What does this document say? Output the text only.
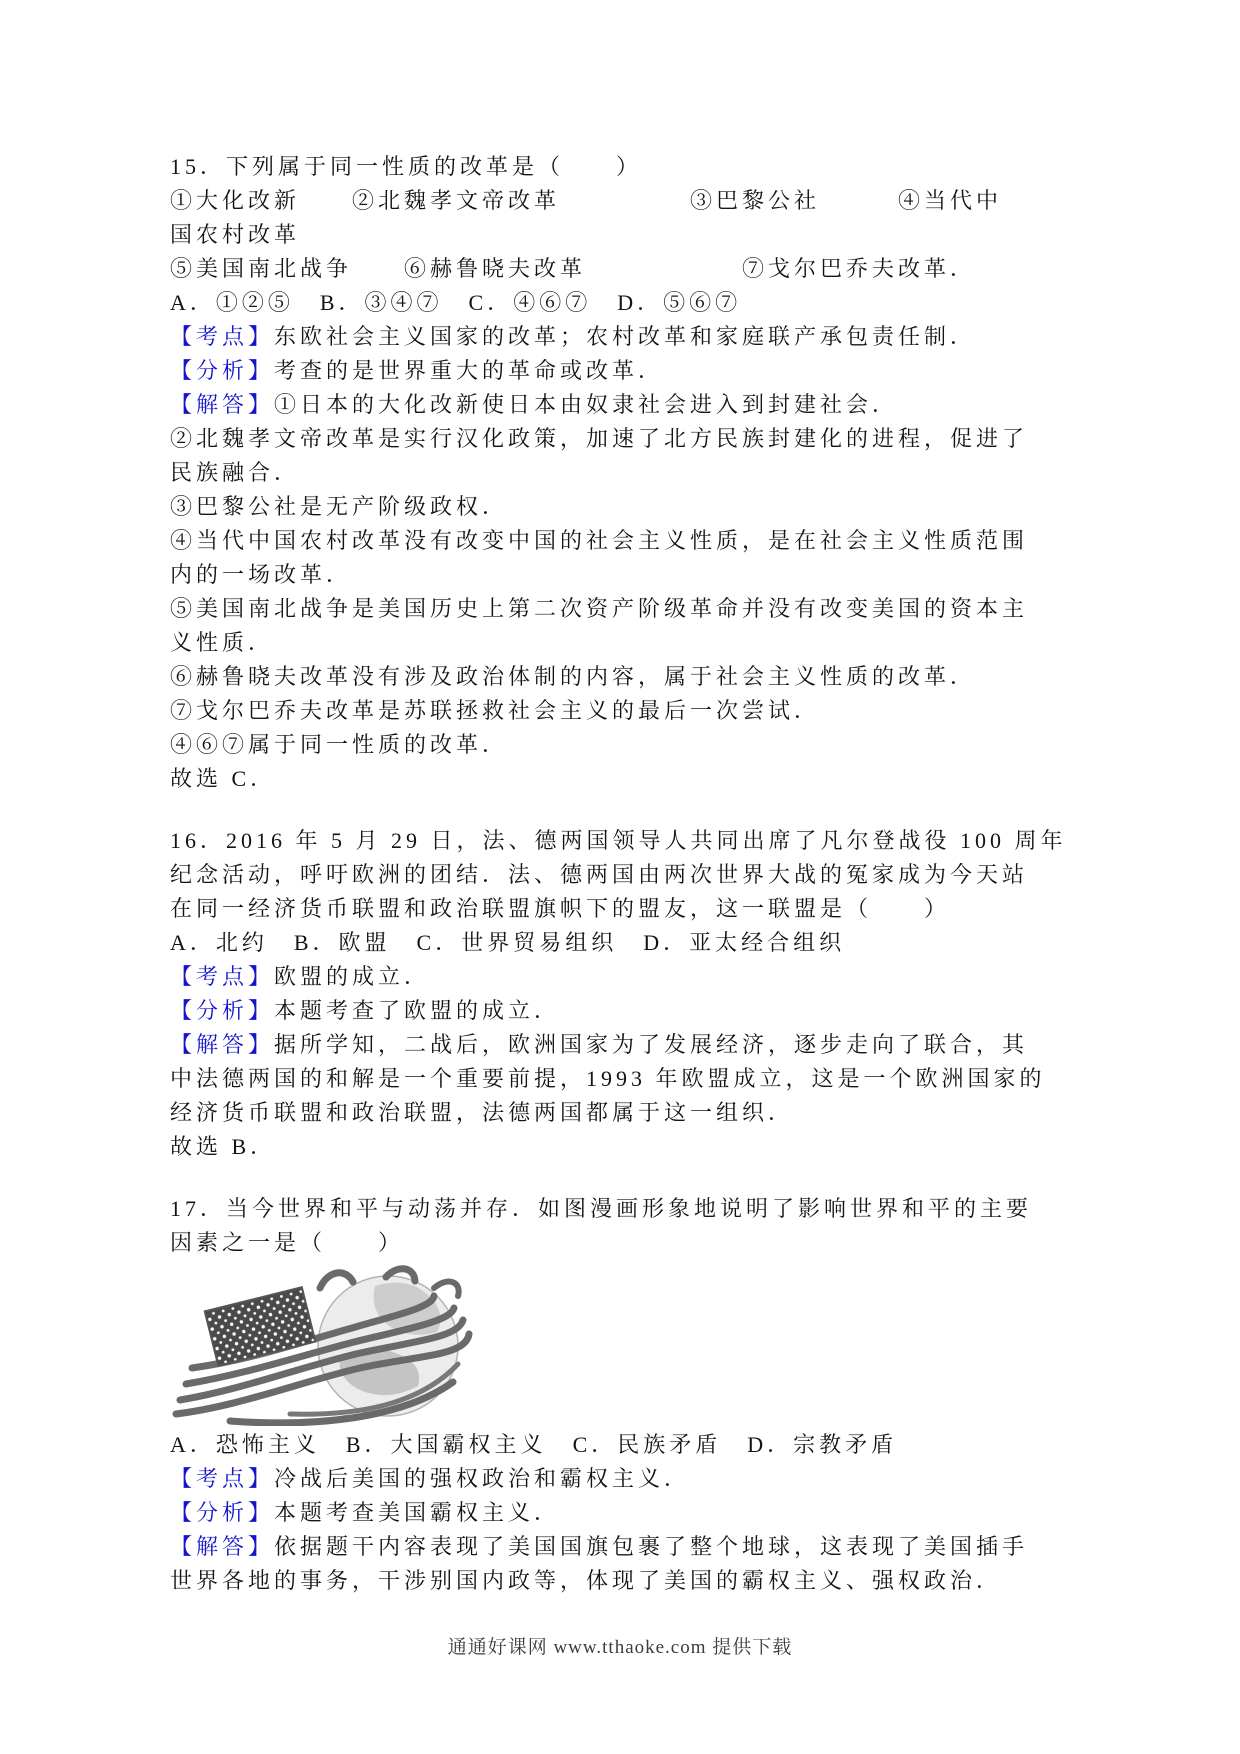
15．下列属于同一性质的改革是（　　）
①大化改新　　②北魏孝文帝改革　　　　　③巴黎公社　　　④当代中
国农村改革
⑤美国南北战争　　⑥赫鲁晓夫改革　　　　　　⑦戈尔巴乔夫改革．
A．①②⑤　B．③④⑦　C．④⑥⑦　D．⑤⑥⑦
【考点】东欧社会主义国家的改革；农村改革和家庭联产承包责任制．
【分析】考查的是世界重大的革命或改革．
【解答】①日本的大化改新使日本由奴隶社会进入到封建社会．
②北魏孝文帝改革是实行汉化政策，加速了北方民族封建化的进程，促进了
民族融合．
③巴黎公社是无产阶级政权．
④当代中国农村改革没有改变中国的社会主义性质，是在社会主义性质范围
内的一场改革．
⑤美国南北战争是美国历史上第二次资产阶级革命并没有改变美国的资本主
义性质．
⑥赫鲁晓夫改革没有涉及政治体制的内容，属于社会主义性质的改革．
⑦戈尔巴乔夫改革是苏联拯救社会主义的最后一次尝试．
④⑥⑦属于同一性质的改革．
故选 C．
16．2016 年 5 月 29 日，法、德两国领导人共同出席了凡尔登战役 100 周年
纪念活动，呼吁欧洲的团结．法、德两国由两次世界大战的冤家成为今天站
在同一经济货币联盟和政治联盟旗帜下的盟友，这一联盟是（　　）
A．北约　B．欧盟　C．世界贸易组织　D．亚太经合组织
【考点】欧盟的成立．
【分析】本题考查了欧盟的成立．
【解答】据所学知，二战后，欧洲国家为了发展经济，逐步走向了联合，其
中法德两国的和解是一个重要前提，1993 年欧盟成立，这是一个欧洲国家的
经济货币联盟和政治联盟，法德两国都属于这一组织．
故选 B．
17．当今世界和平与动荡并存．如图漫画形象地说明了影响世界和平的主要
因素之一是（　　）
A．恐怖主义　B．大国霸权主义　C．民族矛盾　D．宗教矛盾
【考点】冷战后美国的强权政治和霸权主义．
【分析】本题考查美国霸权主义．
【解答】依据题干内容表现了美国国旗包裹了整个地球，这表现了美国插手
世界各地的事务，干涉别国内政等，体现了美国的霸权主义、强权政治．
通通好课网 www.tthaoke.com 提供下载
